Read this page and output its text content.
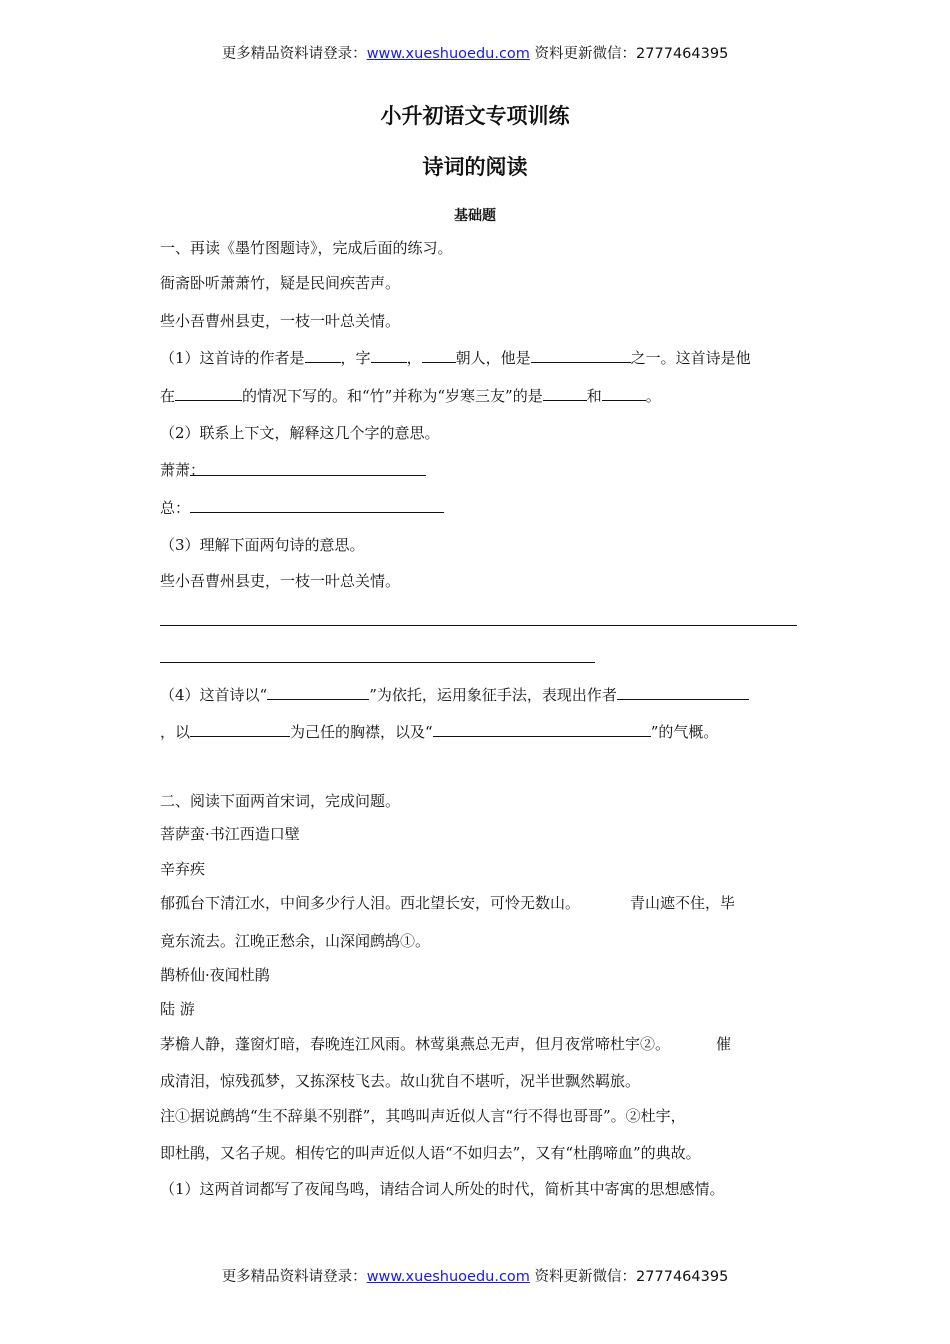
更多精品资料请登录：www.xueshuoedu.com 资料更新微信：2777464395
小升初语文专项训练
诗词的阅读
基础题
一、再读《墨竹图题诗》，完成后面的练习。
衙斋卧听萧萧竹，疑是民间疾苦声。
些小吾曹州县吏，一枝一叶总关情。
（1）这首诗的作者是 ，字 ， 朝人，他是	之一。这首诗是他
在	的情况下写的。和“竹”并称为“岁寒三友”的是	和	。
（2）联系上下文，解释这几个字的意思。
萧萧：
总：
（3）理解下面两句诗的意思。
些小吾曹州县吏，一枝一叶总关情。
（4）这首诗以“	”为依托，运用象征手法，表现出作者
，以	为己任的胸襟，以及“	”的气概。
二、阅读下面两首宋词，完成问题。
菩萨蛮·书江西造口壁
辛弃疾
郁孤台下清江水，中间多少行人泪。西北望长安，可怜无数山。	青山遮不住，毕
竟东流去。江晚正愁余，山深闻鹧鸪①。
鹊桥仙·夜闻杜鹃
陆 游
茅檐人静，蓬窗灯暗，春晚连江风雨。林莺巢燕总无声，但月夜常啼杜宇②。	催
成清泪，惊残孤梦，又拣深枝飞去。故山犹自不堪听，况半世飘然羁旅。
注①据说鹧鸪“生不辞巢不别群”，其鸣叫声近似人言“行不得也哥哥”。②杜宇，
即杜鹃，又名子规。相传它的叫声近似人语“不如归去”，又有“杜鹃啼血”的典故。
（1）这两首词都写了夜闻鸟鸣，请结合词人所处的时代，简析其中寄寓的思想感情。
更多精品资料请登录：www.xueshuoedu.com 资料更新微信：2777464395
